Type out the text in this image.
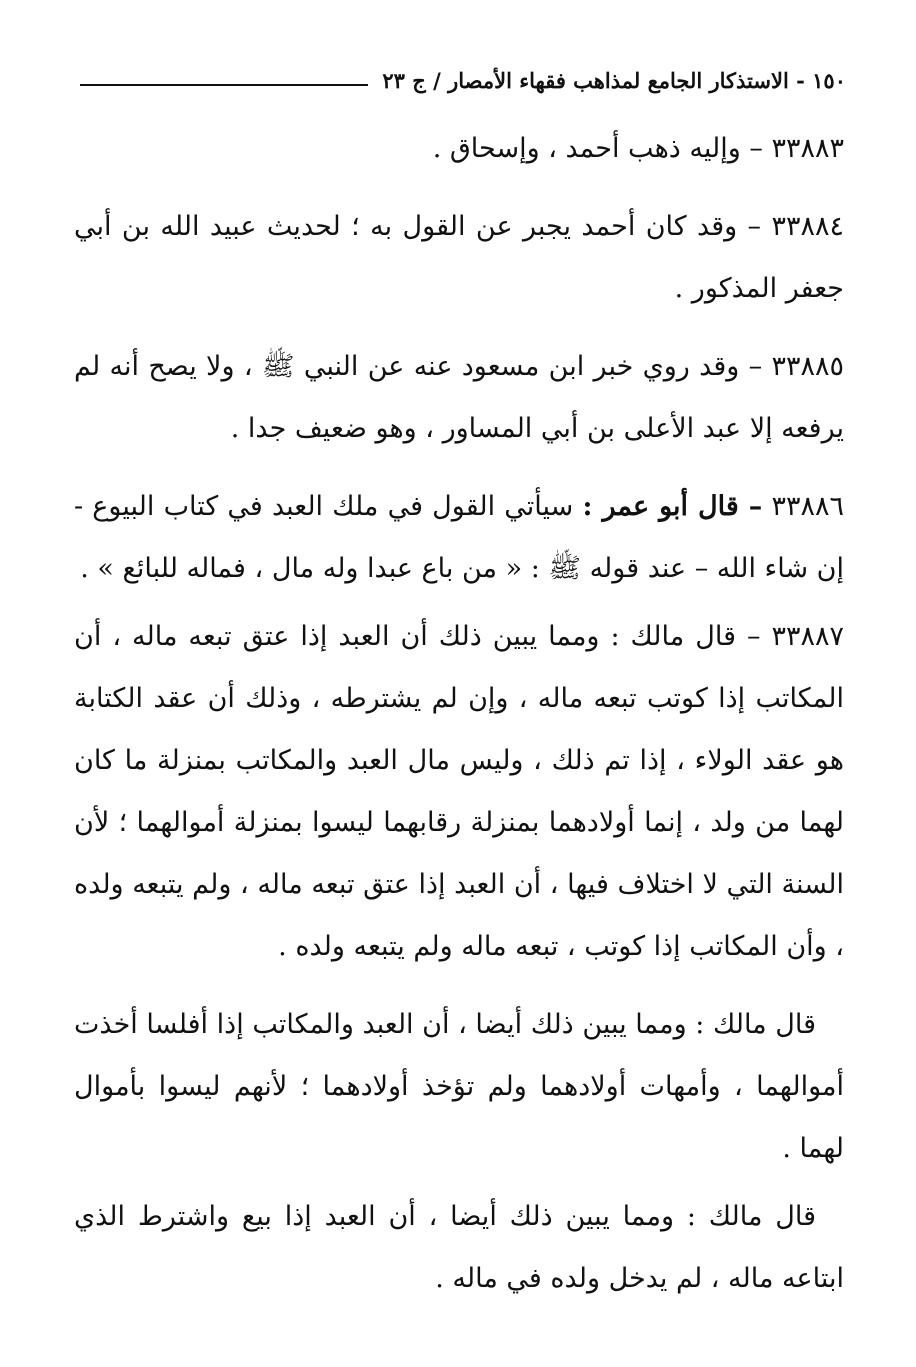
١٥٠ - الاستذكار الجامع لمذاهب فقهاء الأمصار / ج ٢٣

٣٣٨٨٣ – وإليه ذهب أحمد ، وإسحاق .

٣٣٨٨٤ – وقد كان أحمد يجبر عن القول به ؛ لحديث عبيد الله بن أبي جعفر المذكور .

٣٣٨٨٥ – وقد روي خبر ابن مسعود عنه عن النبي ﷺ ، ولا يصح أنه لم يرفعه إلا عبد الأعلى بن أبي المساور ، وهو ضعيف جدا .

٣٣٨٨٦ – قال أبو عمر : سيأتي القول في ملك العبد في كتاب البيوع - إن شاء الله – عند قوله ﷺ : « من باع عبدا وله مال ، فماله للبائع » .

٣٣٨٨٧ – قال مالك : ومما يبين ذلك أن العبد إذا عتق تبعه ماله ، أن المكاتب إذا كوتب تبعه ماله ، وإن لم يشترطه ، وذلك أن عقد الكتابة هو عقد الولاء ، إذا تم ذلك ، وليس مال العبد والمكاتب بمنزلة ما كان لهما من ولد ، إنما أولادهما بمنزلة رقابهما ليسوا بمنزلة أموالهما ؛ لأن السنة التي لا اختلاف فيها ، أن العبد إذا عتق تبعه ماله ، ولم يتبعه ولده ، وأن المكاتب إذا كوتب ، تبعه ماله ولم يتبعه ولده .

قال مالك : ومما يبين ذلك أيضا ، أن العبد والمكاتب إذا أفلسا أخذت أموالهما ، وأمهات أولادهما ولم تؤخذ أولادهما ؛ لأنهم ليسوا بأموال لهما .

قال مالك : ومما يبين ذلك أيضا ، أن العبد إذا بيع واشترط الذي ابتاعه ماله ، لم يدخل ولده في ماله .
